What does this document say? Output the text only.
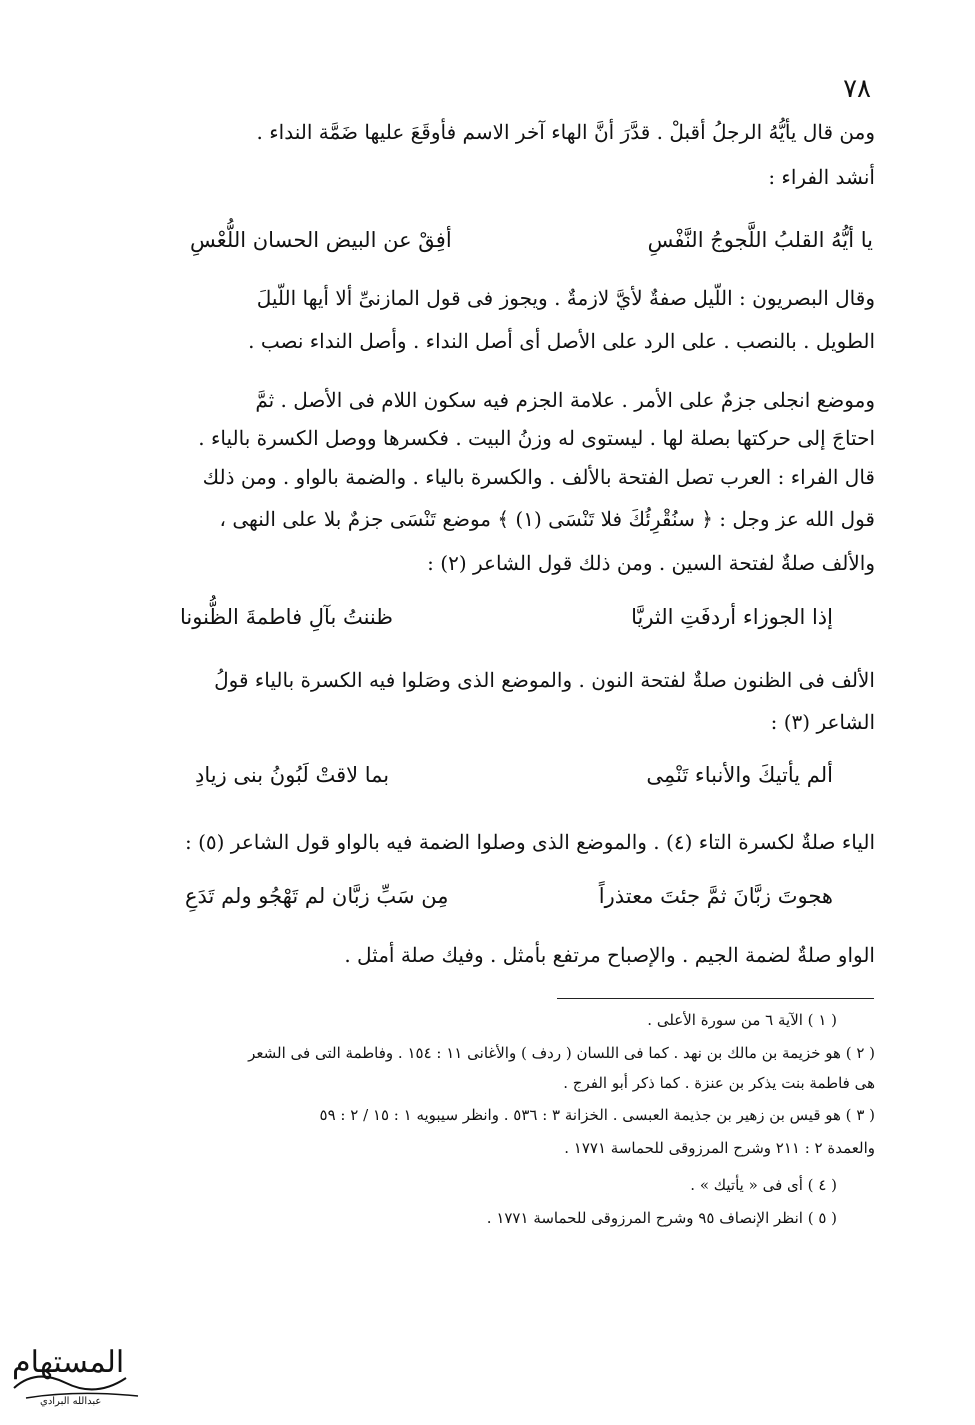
٧٨
ومن قال يأيُّهُ الرجلُ أقبلْ . قدَّرَ أنَّ الهاء آخر الاسم فأوقَعَ عليها ضَمَّة النداء .
أنشد الفراء :
يا أيُّهُ القلبُ اللَّجوجُ النَّفْسِ
أفِقْ عن البيض الحسان اللُّعْسِ
وقال البصريون : اللَّيل صفةٌ لأيَّ لازمةٌ . ويجوز فى قول المازنىِّ ألا أيها اللَّيلَ
الطويل . بالنصب . على الرد على الأصل أى أصل النداء . وأصل النداء نصب .
وموضع انجلى جزمٌ على الأمر . علامة الجزم فيه سكون اللام فى الأصل . ثمَّ
احتاجَ إلى حركتها بصلة لها . ليستوى له وزنُ البيت . فكسرها ووصل الكسرة بالياء .
قال الفراء : العرب تصل الفتحة بالألف . والكسرة بالياء . والضمة بالواو . ومن ذلك
قول الله عز وجل : ﴿ سنُقْرِئُكَ فلا تَنْسَى (١) ﴾ موضع تَنْسَى جزمٌ بلا على النهى ،
والألف صلةٌ لفتحة السين . ومن ذلك قول الشاعر (٢) :
إذا الجوزاء أردفَتِ الثريَّا
ظننتُ بآلِ فاطمةَ الظُّنونا
الألف فى الظنون صلةٌ لفتحة النون . والموضع الذى وصَلوا فيه الكسرة بالياء قولُ
الشاعر (٣) :
ألم يأتيكَ والأنباء تَنْمِى
بما لاقتْ لَبُونُ بنى زيادِ
الياء صلةٌ لكسرة التاء (٤) . والموضع الذى وصلوا الضمة فيه بالواو قول الشاعر (٥) :
هجوتَ زبَّانَ ثمَّ جئتَ معتذراً
مِن سَبِّ زبَّان لم تَهْجُو ولم تَدَعِ
الواو صلةٌ لضمة الجيم . والإصباح مرتفع بأمثل . وفيك صلة أمثل .
( ١ ) الآية ٦ من سورة الأعلى .
( ٢ ) هو خزيمة بن مالك بن نهد . كما فى اللسان ( ردف ) والأغانى ١١ : ١٥٤ . وفاطمة التى فى الشعر
هى فاطمة بنت يذكر بن عنزة . كما ذكر أبو الفرج .
( ٣ ) هو قيس بن زهير بن جذيمة العبسى . الخزانة ٣ : ٥٣٦ . وانظر سيبويه ١ : ١٥ / ٢ : ٥٩
والعمدة ٢ : ٢١١ وشرح المرزوقى للحماسة ١٧٧١ .
( ٤ ) أى فى « يأتيك » .
( ٥ ) انظر الإنصاف ٩٥ وشرح المرزوقى للحماسة ١٧٧١ .
المستهام
عبدالله البرادي
